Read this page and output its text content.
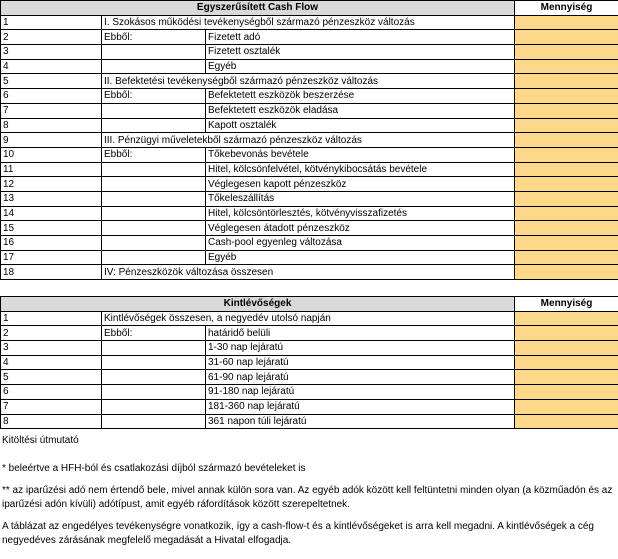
Egyszerűsített Cash Flow			Mennyiség
1	I. Szokásos működési tevékenységből származó pénzeszköz változás		
2	Ebből:	Fizetett adó	
3		Fizetett osztalék	
4		Egyéb	
5	II. Befektetési tevékenységből származó pénzeszköz változás		
6	Ebből:	Befektetett eszközök beszerzése	
7		Befektetett eszközök eladása	
8		Kapott osztalék	
9	III. Pénzügyi műveletekből származó pénzeszköz változás		
10	Ebből:	Tőkebevonás bevétele	
11		Hitel, kölcsönfelvétel, kötvénykibocsátás bevétele	
12		Véglegesen kapott pénzeszköz	
13		Tőkeleszállítás	
14		Hitel, kölcsöntörlesztés, kötvényvisszafizetés	
15		Véglegesen átadott pénzeszköz	
16		Cash-pool egyenleg változása	
17		Egyéb	
18	IV: Pénzeszközök változása összesen		
Kintlévőségek			Mennyiség
1	Kintlévőségek összesen, a negyedév utolsó napján		
2	Ebből:	határidő belüli	
3		1-30 nap lejáratú	
4		31-60 nap lejáratú	
5		61-90 nap lejáratú	
6		91-180 nap lejáratú	
7		181-360 nap lejáratú	
8		361 napon túli lejáratú	

Kitöltési útmutató

* beleértve a HFH-ból és csatlakozási díjból származó bevételeket is

** az iparűzési adó nem értendő bele, mivel annak külön sora van. Az egyéb adók között kell feltüntetni minden olyan (a közműadón és az iparűzési adón kívüli) adótípust, amit egyéb ráfordítások között szerepeltetnek.

A táblázat az engedélyes tevékenységre vonatkozik, így a cash-flow-t és a kintlévőségeket is arra kell megadni. A kintlévőségek a cég negyedéves zárásának megfelelő megadását a Hivatal elfogadja.
